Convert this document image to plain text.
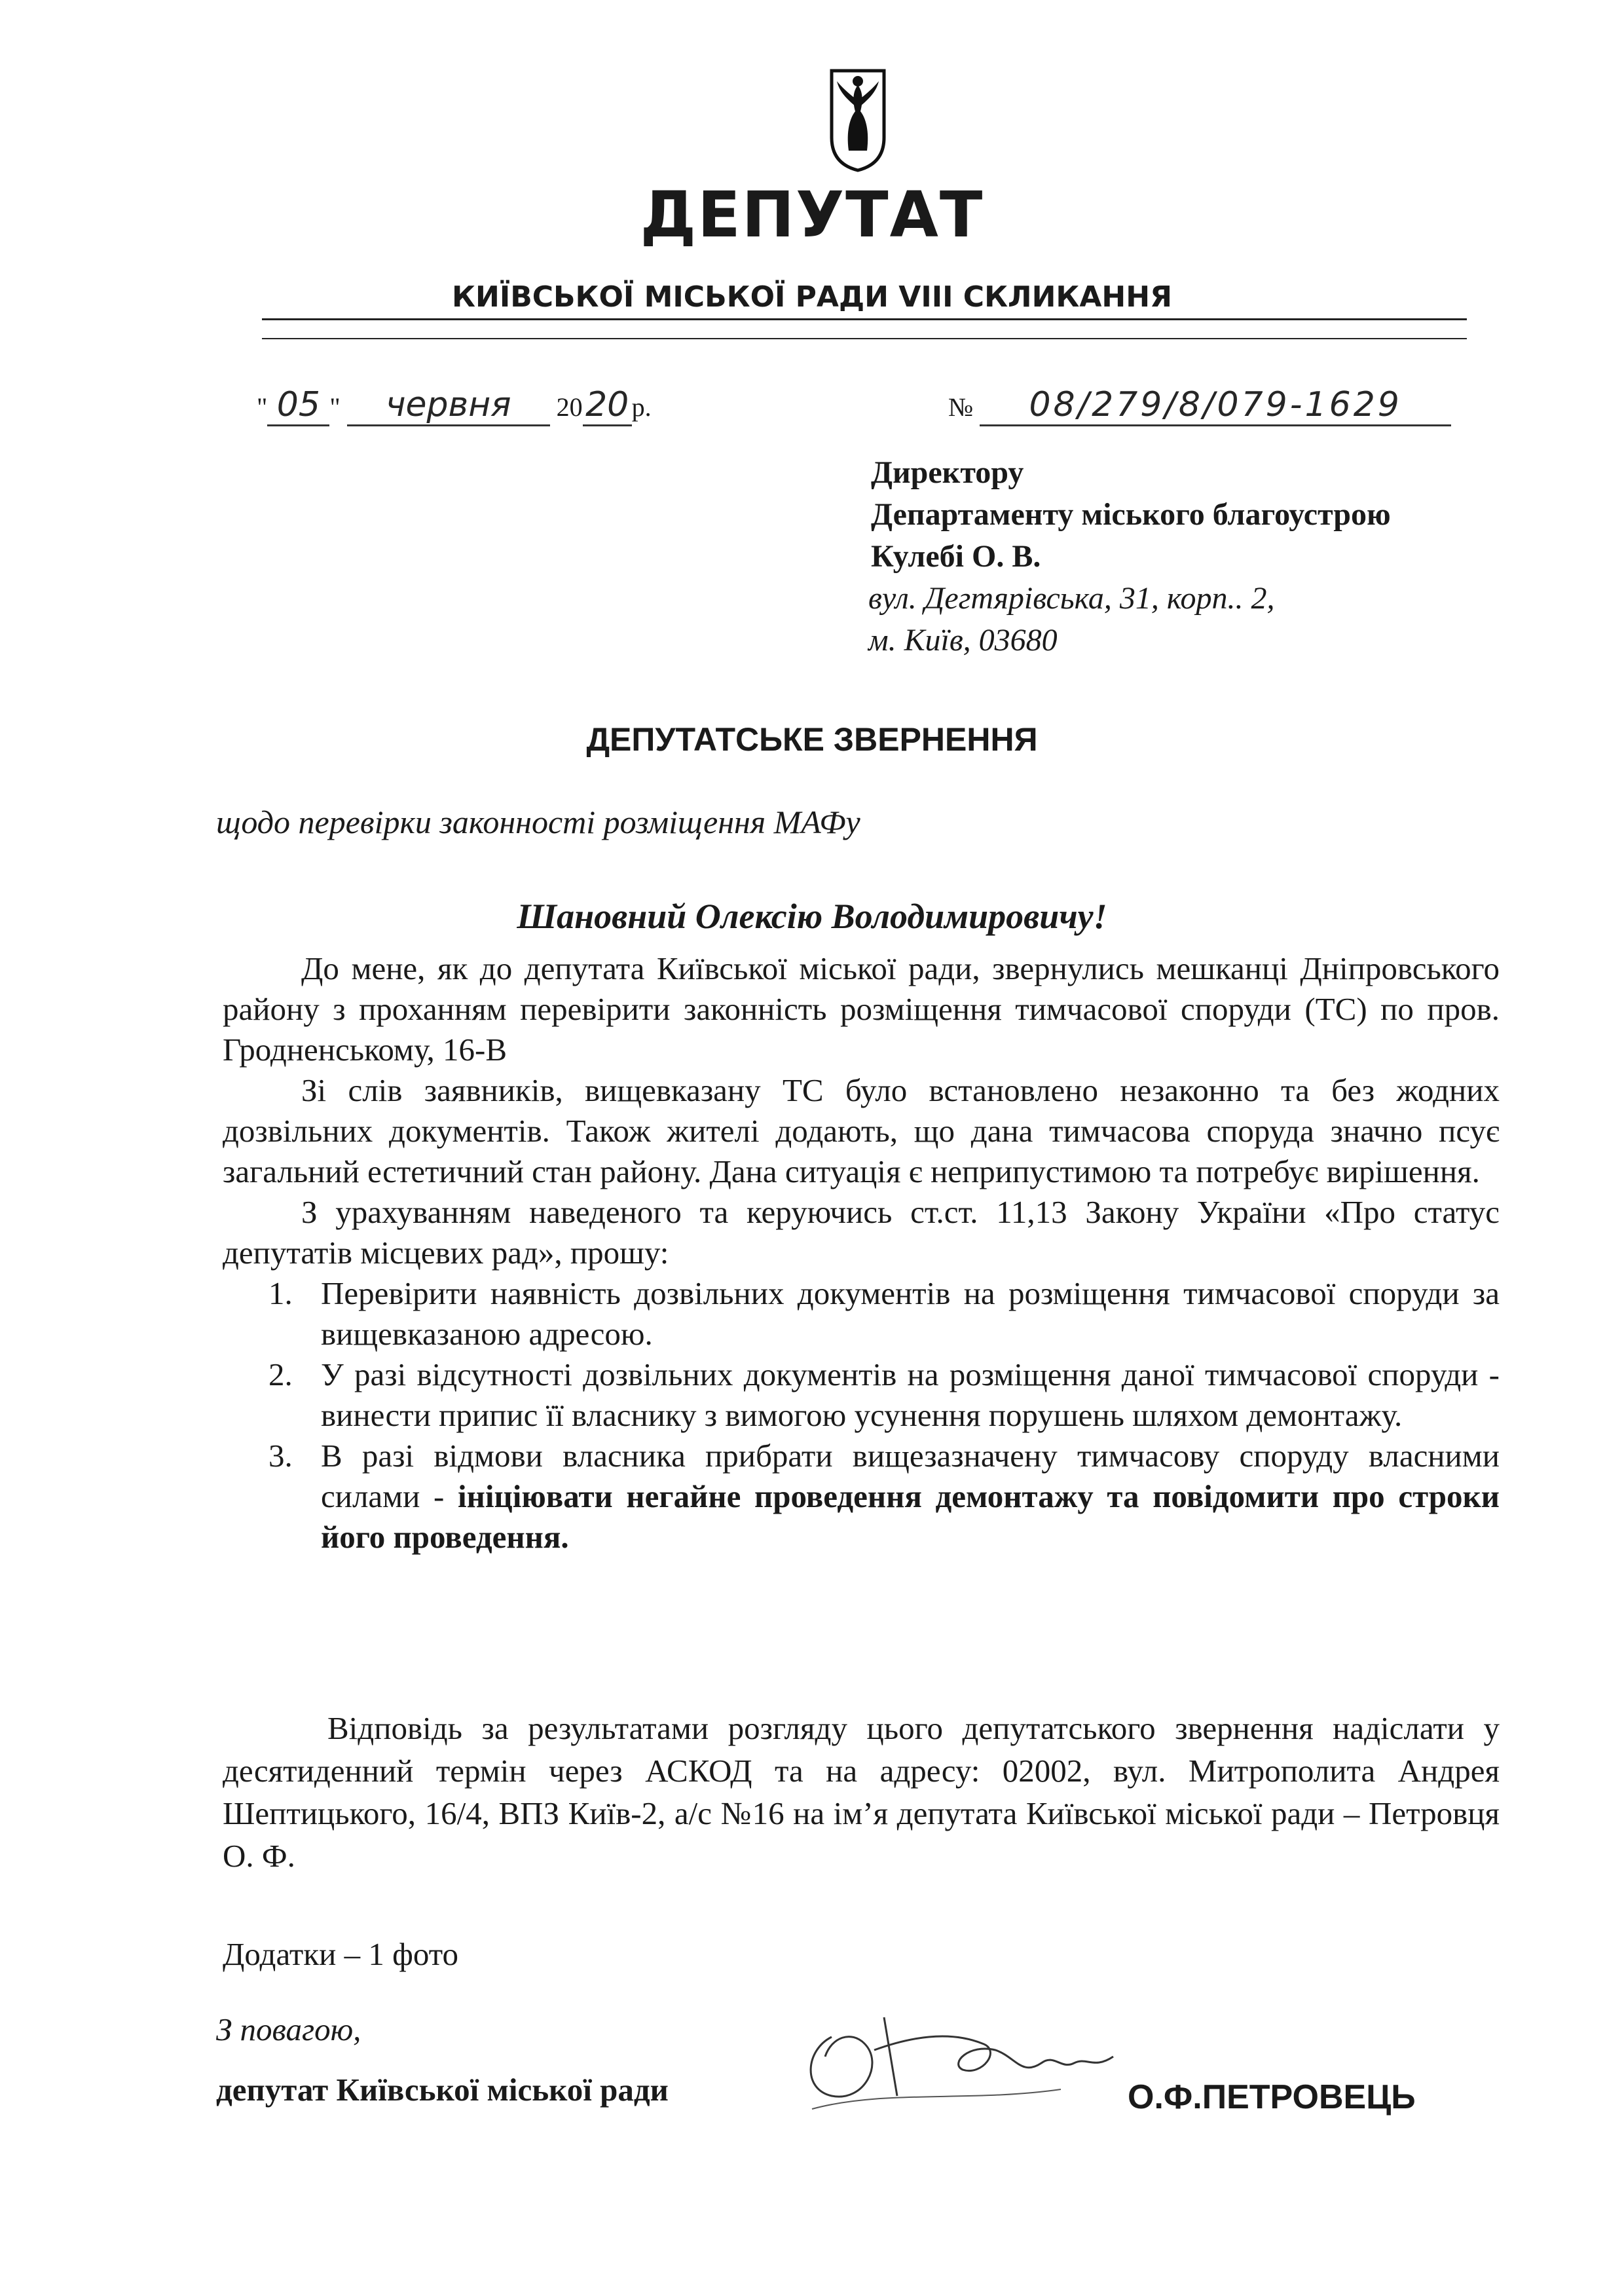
ДЕПУТАТ
КИЇВСЬКОЇ МІСЬКОЇ РАДИ VIII СКЛИКАННЯ
" 05 " червня 2020 р.	№ 08/279/8/079-1629
Директору
Департаменту міського благоустрою
Кулебі О. В.
вул. Дегтярівська, 31, корп.. 2,
м. Київ, 03680
ДЕПУТАТСЬКЕ ЗВЕРНЕННЯ
щодо перевірки законності розміщення МАФу
Шановний Олексію Володимировичу!

До мене, як до депутата Київської міської ради, звернулись мешканці Дніпровського району з проханням перевірити законність розміщення тимчасової споруди (ТС) по пров. Гродненському, 16-В

Зі слів заявників, вищевказану ТС було встановлено незаконно та без жодних дозвільних документів. Також жителі додають, що дана тимчасова споруда значно псує загальний естетичний стан району. Дана ситуація є неприпустимою та потребує вирішення.

З урахуванням наведеного та керуючись ст.ст. 11,13 Закону України «Про статус депутатів місцевих рад», прошу:

1. Перевірити наявність дозвільних документів на розміщення тимчасової споруди за вищевказаною адресою.
2. У разі відсутності дозвільних документів на розміщення даної тимчасової споруди - винести припис її власнику з вимогою усунення порушень шляхом демонтажу.
3. В разі відмови власника прибрати вищезазначену тимчасову споруду власними силами - ініціювати негайне проведення демонтажу та повідомити про строки його проведення.

Відповідь за результатами розгляду цього депутатського звернення надіслати у десятиденний термін через АСКОД та на адресу: 02002, вул. Митрополита Андрея Шептицького, 16/4, ВПЗ Київ-2, а/с №16 на ім’я депутата Київської міської ради – Петровця О. Ф.

Додатки – 1 фото
З повагою,
депутат Київської міської ради	О.Ф.ПЕТРОВЕЦЬ
